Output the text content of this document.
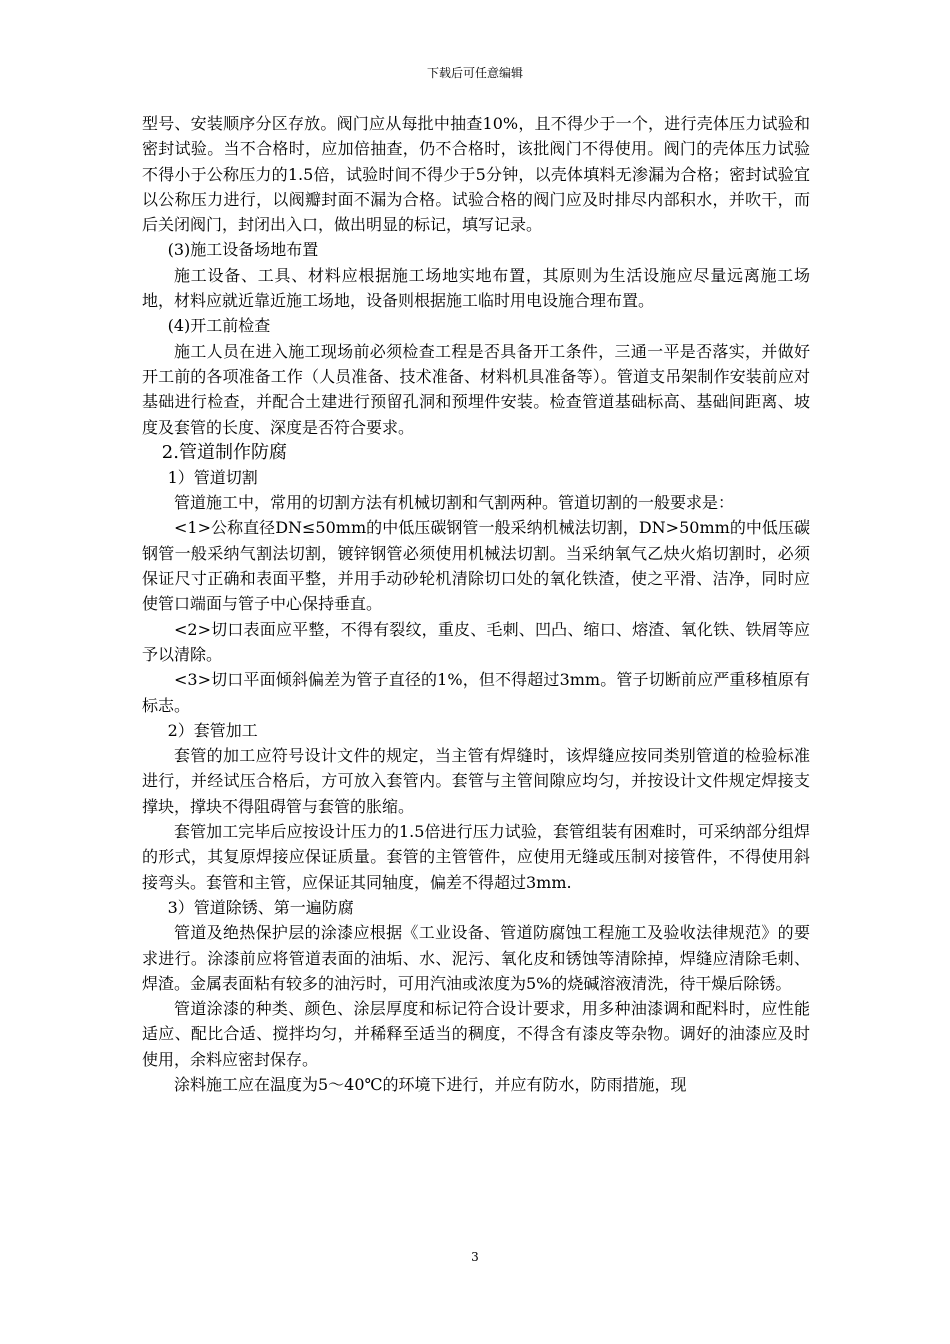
下载后可任意编辑

型号、安装顺序分区存放。阀门应从每批中抽查10%，且不得少于一个，进行壳体压力试验和密封试验。当不合格时，应加倍抽查，仍不合格时，该批阀门不得使用。阀门的壳体压力试验不得小于公称压力的1.5倍，试验时间不得少于5分钟，以壳体填料无渗漏为合格；密封试验宜以公称压力进行，以阀瓣封面不漏为合格。试验合格的阀门应及时排尽内部积水，并吹干，而后关闭阀门，封闭出入口，做出明显的标记，填写记录。

(3)施工设备场地布置

施工设备、工具、材料应根据施工场地实地布置，其原则为生活设施应尽量远离施工场地，材料应就近靠近施工场地，设备则根据施工临时用电设施合理布置。

(4)开工前检查

施工人员在进入施工现场前必须检查工程是否具备开工条件，三通一平是否落实，并做好开工前的各项准备工作（人员准备、技术准备、材料机具准备等）。管道支吊架制作安装前应对基础进行检查，并配合土建进行预留孔洞和预埋件安装。检查管道基础标高、基础间距离、坡度及套管的长度、深度是否符合要求。

2.管道制作防腐

1）管道切割

管道施工中，常用的切割方法有机械切割和气割两种。管道切割的一般要求是：

<1>公称直径DN≤50mm的中低压碳钢管一般采纳机械法切割，DN>50mm的中低压碳钢管一般采纳气割法切割，镀锌钢管必须使用机械法切割。当采纳氧气乙炔火焰切割时，必须保证尺寸正确和表面平整，并用手动砂轮机清除切口处的氧化铁渣，使之平滑、洁净，同时应使管口端面与管子中心保持垂直。

<2>切口表面应平整，不得有裂纹，重皮、毛刺、凹凸、缩口、熔渣、氧化铁、铁屑等应予以清除。

<3>切口平面倾斜偏差为管子直径的1%，但不得超过3mm。管子切断前应严重移植原有标志。

2）套管加工

套管的加工应符号设计文件的规定，当主管有焊缝时，该焊缝应按同类别管道的检验标准进行，并经试压合格后，方可放入套管内。套管与主管间隙应均匀，并按设计文件规定焊接支撑块，撑块不得阻碍管与套管的胀缩。

套管加工完毕后应按设计压力的1.5倍进行压力试验，套管组装有困难时，可采纳部分组焊的形式，其复原焊接应保证质量。套管的主管管件，应使用无缝或压制对接管件，不得使用斜接弯头。套管和主管，应保证其同轴度，偏差不得超过3mm.

3）管道除锈、第一遍防腐

管道及绝热保护层的涂漆应根据《工业设备、管道防腐蚀工程施工及验收法律规范》的要求进行。涂漆前应将管道表面的油垢、水、泥污、氧化皮和锈蚀等清除掉，焊缝应清除毛刺、焊渣。金属表面粘有较多的油污时，可用汽油或浓度为5%的烧碱溶液清洗，待干燥后除锈。

管道涂漆的种类、颜色、涂层厚度和标记符合设计要求，用多种油漆调和配料时，应性能适应、配比合适、搅拌均匀，并稀释至适当的稠度，不得含有漆皮等杂物。调好的油漆应及时使用，余料应密封保存。

涂料施工应在温度为5～40℃的环境下进行，并应有防水，防雨措施，现

3
